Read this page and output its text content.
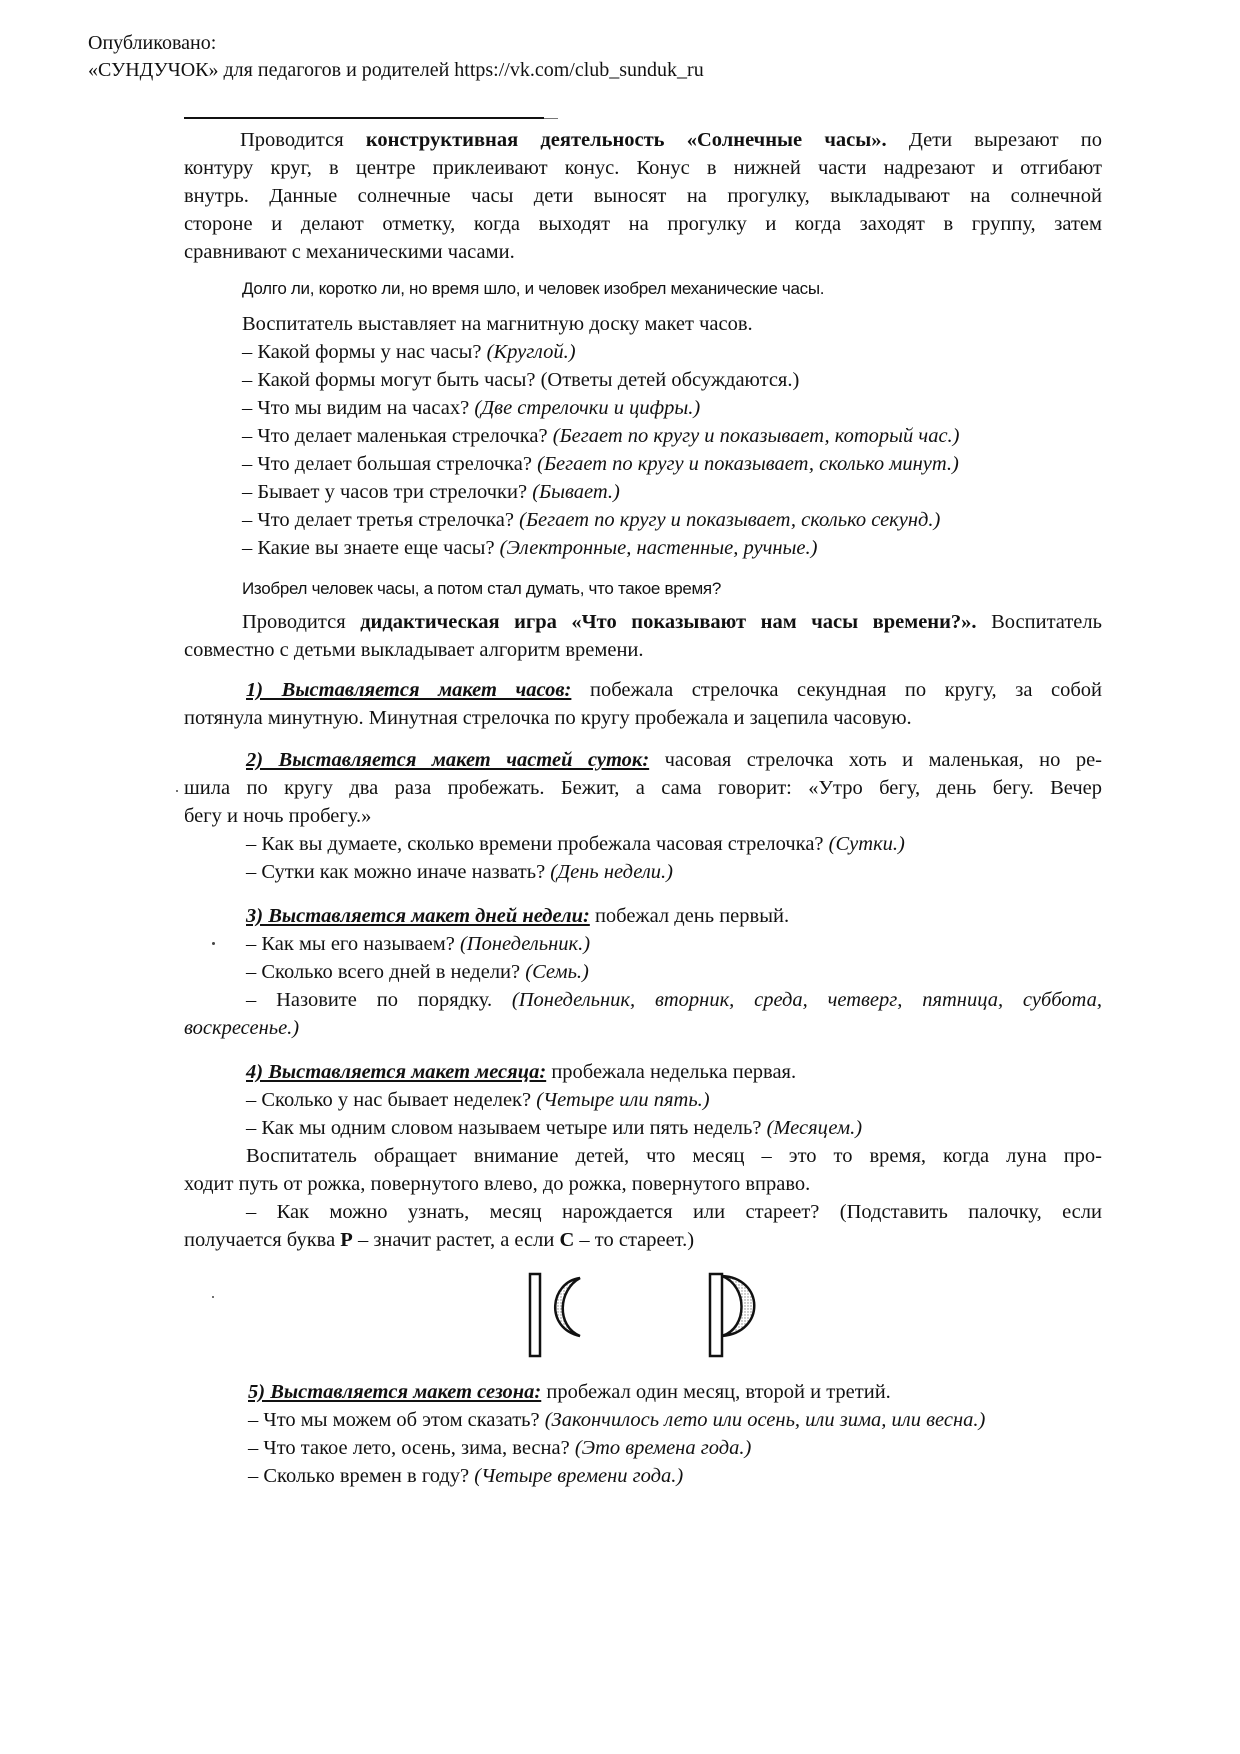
Опубликовано:
«СУНДУЧОК» для педагогов и родителей https://vk.com/club_sunduk_ru
Проводится конструктивная деятельность «Солнечные часы». Дети вырезают по
контуру круг, в центре приклеивают конус. Конус в нижней части надрезают и отгибают
внутрь. Данные солнечные часы дети выносят на прогулку, выкладывают на солнечной
стороне и делают отметку, когда выходят на прогулку и когда заходят в группу, затем
сравнивают с механическими часами.
Долго ли, коротко ли, но время шло, и человек изобрел механические часы.
Воспитатель выставляет на магнитную доску макет часов.
– Какой формы у нас часы? (Круглой.)
– Какой формы могут быть часы? (Ответы детей обсуждаются.)
– Что мы видим на часах? (Две стрелочки и цифры.)
– Что делает маленькая стрелочка? (Бегает по кругу и показывает, который час.)
– Что делает большая стрелочка? (Бегает по кругу и показывает, сколько минут.)
– Бывает у часов три стрелочки? (Бывает.)
– Что делает третья стрелочка? (Бегает по кругу и показывает, сколько секунд.)
– Какие вы знаете еще часы? (Электронные, настенные, ручные.)
Изобрел человек часы, а потом стал думать, что такое время?
Проводится дидактическая игра «Что показывают нам часы времени?». Воспитатель
совместно с детьми выкладывает алгоритм времени.
1) Выставляется макет часов: побежала стрелочка секундная по кругу, за собой
потянула минутную. Минутная стрелочка по кругу пробежала и зацепила часовую.
2) Выставляется макет частей суток: часовая стрелочка хоть и маленькая, но ре-
шила по кругу два раза пробежать. Бежит, а сама говорит: «Утро бегу, день бегу. Вечер
бегу и ночь пробегу.»
– Как вы думаете, сколько времени пробежала часовая стрелочка? (Сутки.)
– Сутки как можно иначе назвать? (День недели.)
3) Выставляется макет дней недели: побежал день первый.
– Как мы его называем? (Понедельник.)
– Сколько всего дней в недели? (Семь.)
– Назовите по порядку. (Понедельник, вторник, среда, четверг, пятница, суббота,
воскресенье.)
4) Выставляется макет месяца: пробежала неделька первая.
– Сколько у нас бывает неделек? (Четыре или пять.)
– Как мы одним словом называем четыре или пять недель? (Месяцем.)
Воспитатель обращает внимание детей, что месяц – это то время, когда луна про-
ходит путь от рожка, повернутого влево, до рожка, повернутого вправо.
– Как можно узнать, месяц нарождается или стареет? (Подставить палочку, если
получается буква Р – значит растет, а если С – то стареет.)
5) Выставляется макет сезона: пробежал один месяц, второй и третий.
– Что мы можем об этом сказать? (Закончилось лето или осень, или зима, или весна.)
– Что такое лето, осень, зима, весна? (Это времена года.)
– Сколько времен в году? (Четыре времени года.)
